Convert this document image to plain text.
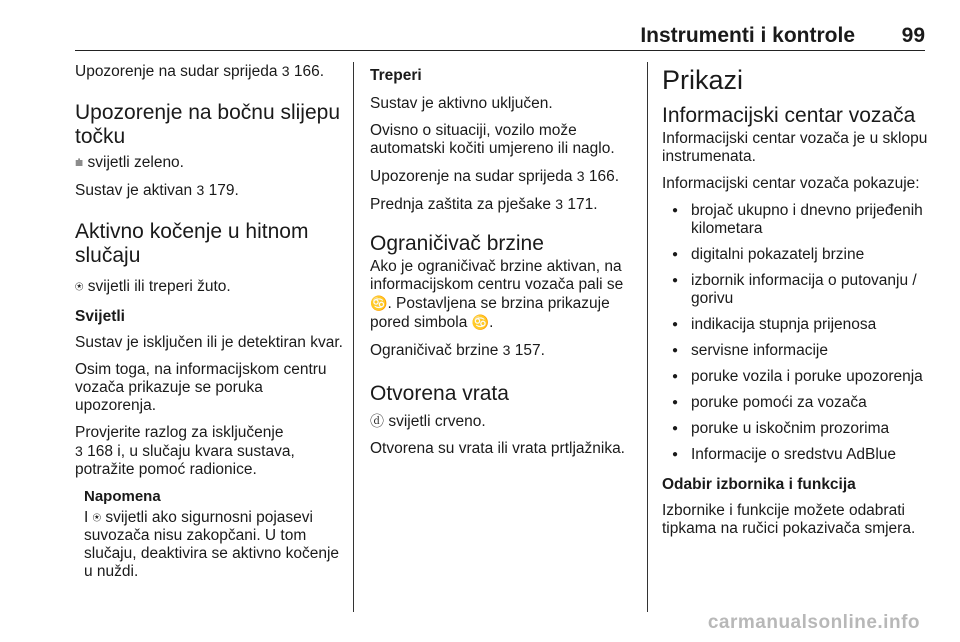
Instrumenti i kontrole 99

Upozorenje na sudar sprijeda 3 166.

Upozorenje na bočnu slijepu točku

⩧ svijetli zeleno.

Sustav je aktivan 3 179.

Aktivno kočenje u hitnom slučaju

⍟ svijetli ili treperi žuto.

Svijetli

Sustav je isključen ili je detektiran kvar.

Osim toga, na informacijskom centru vozača prikazuje se poruka upozorenja.

Provjerite razlog za isključenje
3 168 i, u slučaju kvara sustava, potražite pomoć radionice.

Napomena

I ⍟ svijetli ako sigurnosni pojasevi suvozača nisu zakopčani. U tom slučaju, deaktivira se aktivno kočenje u nuždi.

Treperi

Sustav je aktivno uključen.

Ovisno o situaciji, vozilo može automatski kočiti umjereno ili naglo.

Upozorenje na sudar sprijeda 3 166.

Prednja zaštita za pješake 3 171.

Ograničivač brzine

Ako je ograničivač brzine aktivan, na informacijskom centru vozača pali se ♋. Postavljena se brzina prikazuje pored simbola ♋.

Ograničivač brzine 3 157.

Otvorena vrata

ⓓ svijetli crveno.

Otvorena su vrata ili vrata prtljažnika.

Prikazi
Informacijski centar vozača

Informacijski centar vozača je u sklopu instrumenata.

Informacijski centar vozača pokazuje:

● brojač ukupno i dnevno prijeđenih kilometara
● digitalni pokazatelj brzine
● izbornik informacija o putovanju / gorivu
● indikacija stupnja prijenosa
● servisne informacije
● poruke vozila i poruke upozorenja
● poruke pomoći za vozača
● poruke u iskočnim prozorima
● Informacije o sredstvu AdBlue
Odabir izbornika i funkcija

Izbornike i funkcije možete odabrati tipkama na ručici pokazivača smjera.

carmanualsonline.info
